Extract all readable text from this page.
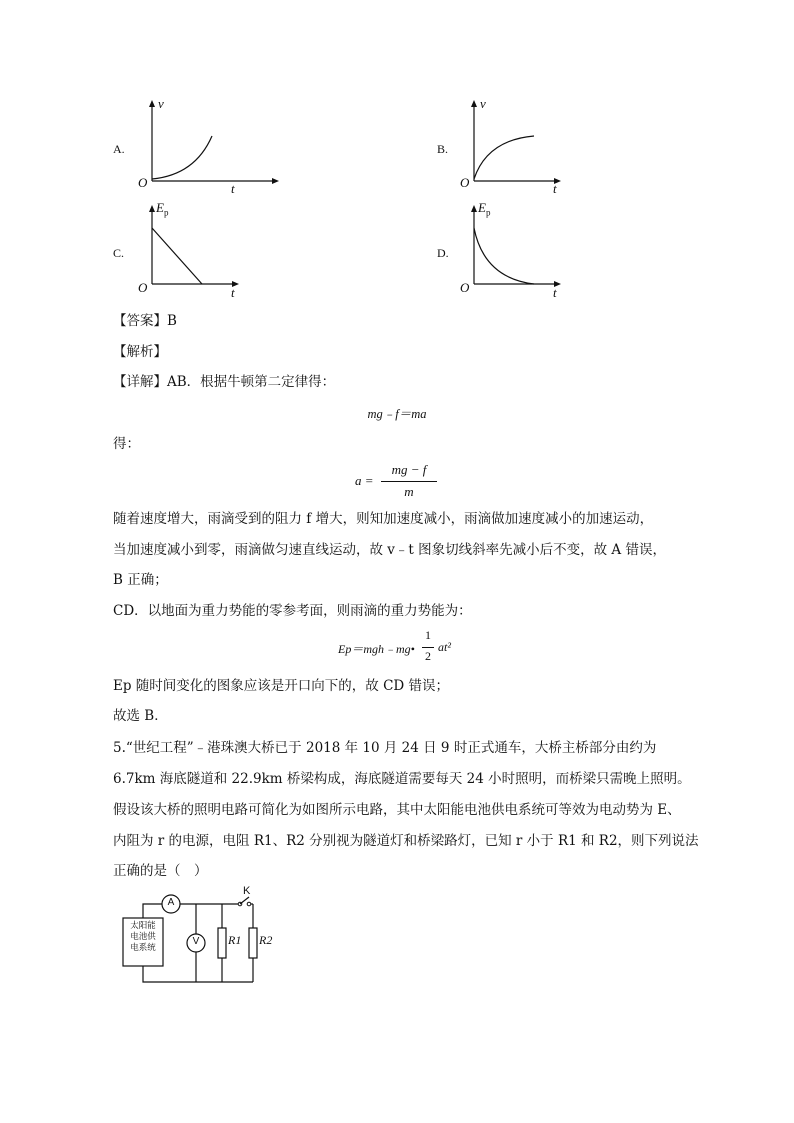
A.
v
O	t
B.
v
O	t
C.
$E_p$
O	t
D.
$E_p$
O	t
【答案】B
【解析】
【详解】AB．根据牛顿第二定律得：
mg﹣f＝ma
得：
a =
mg − f
m
随着速度增大，雨滴受到的阻力 f 增大，则知加速度减小，雨滴做加速度减小的加速运动，
当加速度减小到零，雨滴做匀速直线运动，故 v﹣t 图象切线斜率先减小后不变，故 A 错误，
B 正确；
CD．以地面为重力势能的零参考面，则雨滴的重力势能为：
Ep＝mgh﹣mg•
1
2
at²
Ep 随时间变化的图象应该是开口向下的，故 CD 错误；
故选 B．
5.“世纪工程”﹣港珠澳大桥已于 2018 年 10 月 24 日 9 时正式通车，大桥主桥部分由约为
6.7km 海底隧道和 22.9km 桥梁构成，海底隧道需要每天 24 小时照明，而桥梁只需晚上照明。
假设该大桥的照明电路可简化为如图所示电路，其中太阳能电池供电系统可等效为电动势为 E、
内阻为 r 的电源，电阻 R1、R2 分别视为隧道灯和桥梁路灯，已知 r 小于 R1 和 R2，则下列说法
正确的是（　）
太阳能
电池供
电系统
A
V
K
R1 R2
